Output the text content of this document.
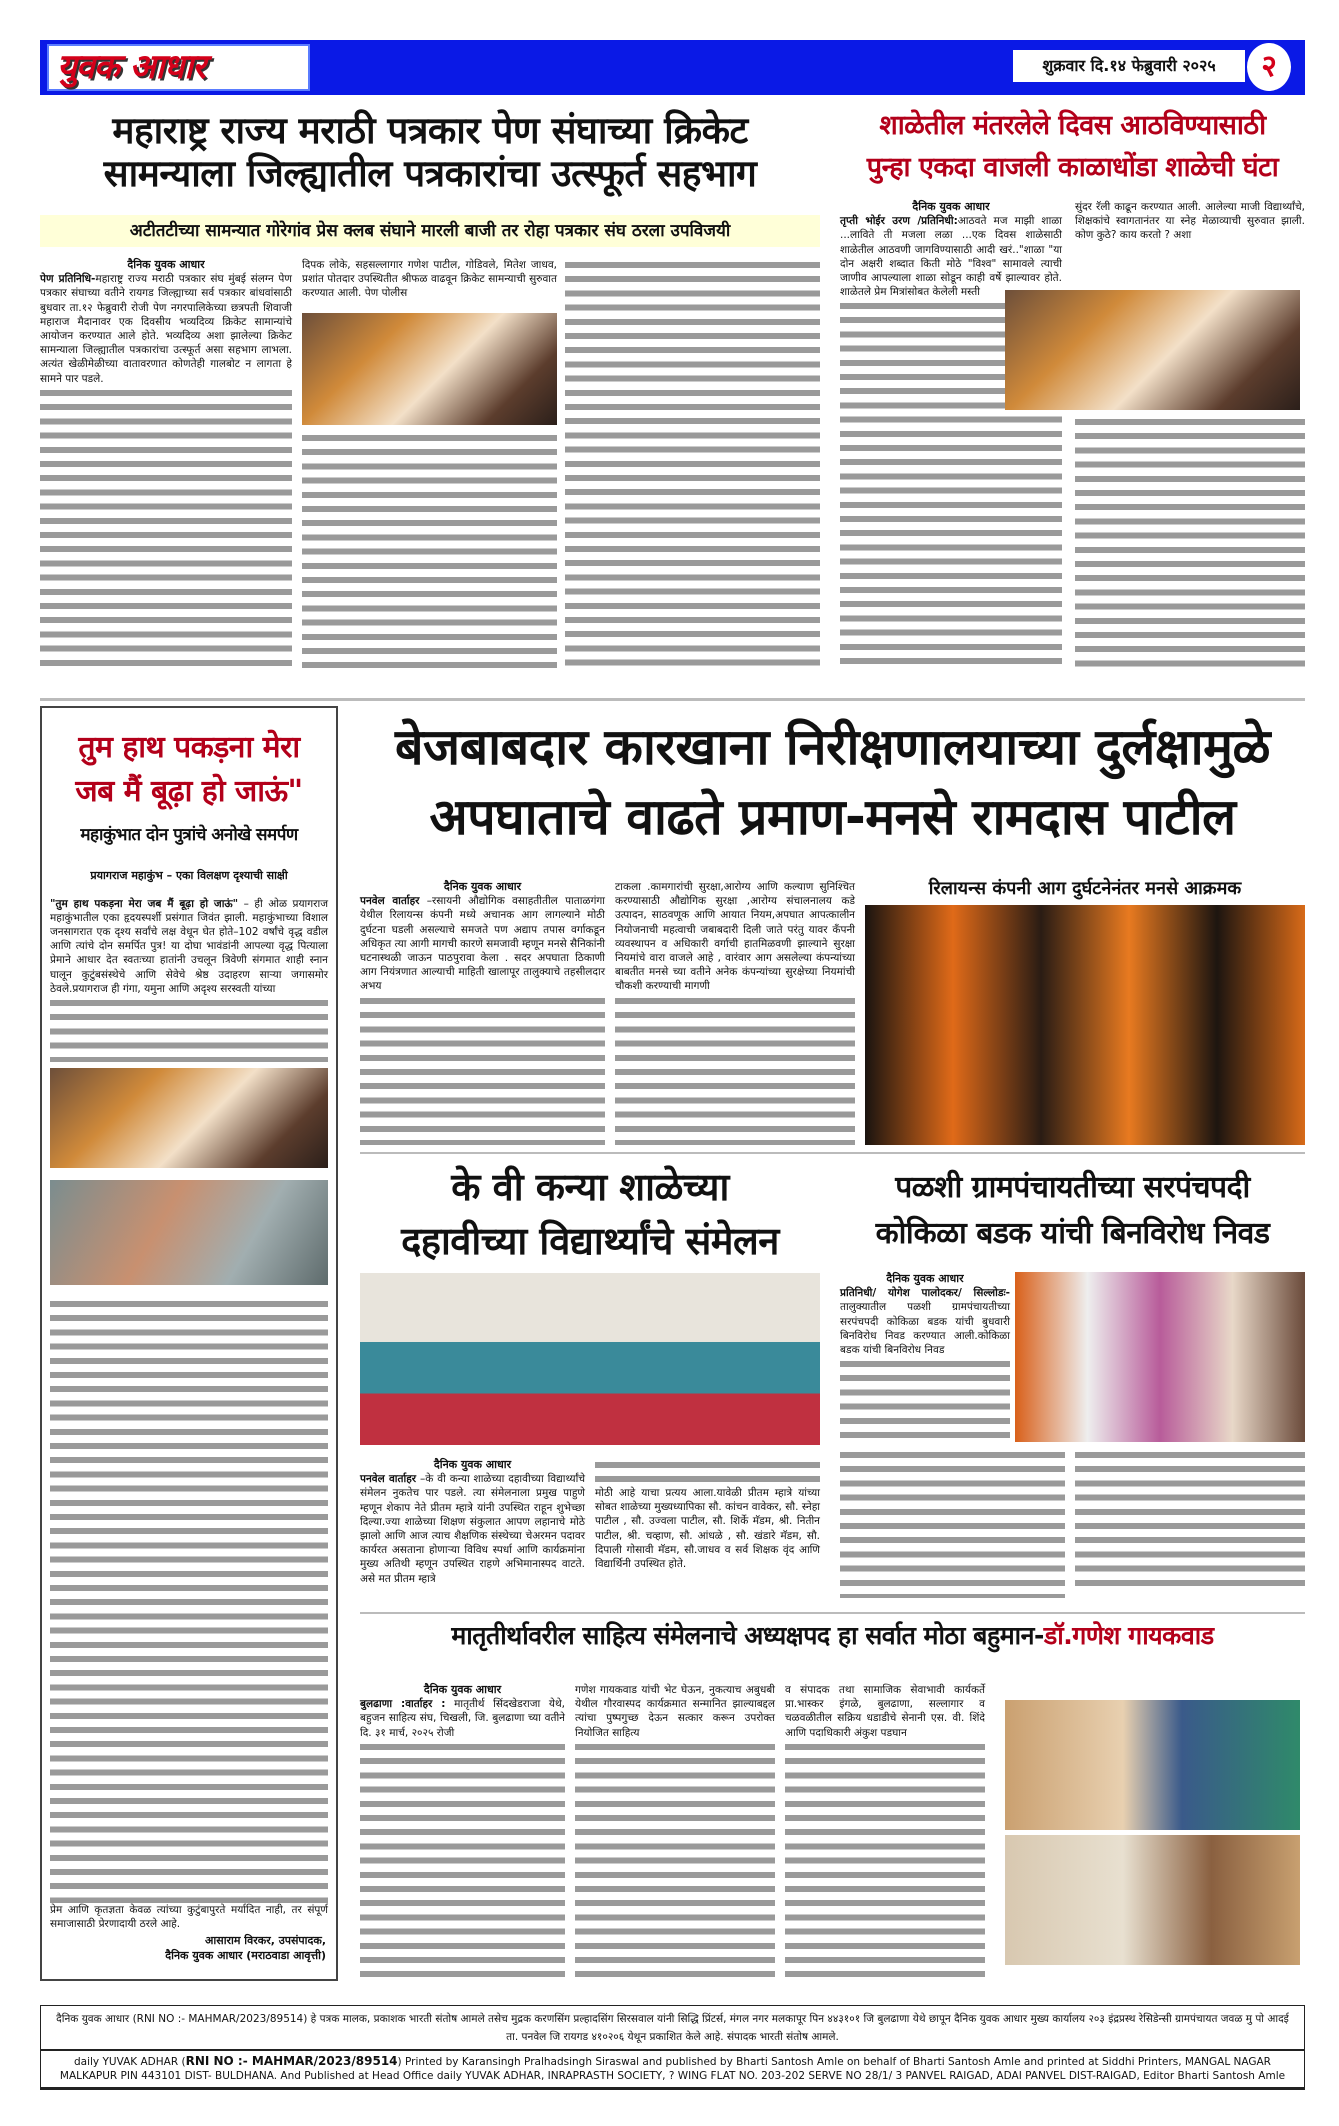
युवक आधार	शुक्रवार दि.१४ फेब्रुवारी २०२५	२
महाराष्ट्र राज्य मराठी पत्रकार पेण संघाच्या क्रिकेट
सामन्याला जिल्ह्यातील पत्रकारांचा उत्स्फूर्त सहभाग
अटीतटीच्या सामन्यात गोरेगांव प्रेस क्लब संघाने मारली बाजी तर रोहा पत्रकार संघ ठरला उपविजयी
दैनिक युवक आधार
पेण प्रतिनिधि-महाराष्ट्र राज्य मराठी पत्रकार संघ मुंबई संलग्न पेण पत्रकार संघाच्या वतीने रायगड जिल्ह्याच्या सर्व पत्रकार बांधवांसाठी बुधवार ता.१२ फेब्रुवारी रोजी पेण नगरपालिकेच्या छत्रपती शिवाजी महाराज मैदानावर एक दिवसीय भव्यदिव्य क्रिकेट सामान्यांचे आयोजन करण्यात आले होते. भव्यदिव्य अशा झालेल्या क्रिकेट सामन्याला जिल्ह्यातील पत्रकारांचा उत्स्फूर्त असा सहभाग लाभला. अत्यंत खेळीमेळीच्या वातावरणात कोणतेही गालबोट न लागता हे सामने पार पडले.
दिपक लोके, सहसल्लागार गणेश पाटील, गोडिवले, मितेश जाधव, प्रशांत पोतदार उपस्थितीत श्रीफळ वाढवून क्रिकेट सामन्याची सुरुवात करण्यात आली. पेण पोलीस
शाळेतील मंतरलेले दिवस आठविण्यासाठी
पुन्हा एकदा वाजली काळाधोंडा शाळेची घंटा
दैनिक युवक आधार
तृप्ती भोईर उरण /प्रतिनिधी:आठवते मज माझी शाळा ...लाविते ती मजला लळा ...एक दिवस शाळेसाठी शाळेतील आठवणी जागविण्यासाठी आदी खरं.."शाळा "या दोन अक्षरी शब्दात किती मोठे "विश्व" सामावले त्याची जाणीव आपल्याला शाळा सोडून काही वर्षे झाल्यावर होते. शाळेतले प्रेम मित्रांसोबत केलेली मस्ती
सुंदर रॅली काढून करण्यात आली. आलेल्या माजी विद्यार्थ्यांचे, शिक्षकांचे स्वागतानंतर या स्नेह मेळाव्याची सुरुवात झाली. कोण कुठे? काय करतो ? अशा
तुम हाथ पकड़ना मेरा
जब मैं बूढ़ा हो जाऊं"
महाकुंभात दोन पुत्रांचे अनोखे समर्पण
प्रयागराज महाकुंभ – एका विलक्षण दृश्याची साक्षी
"तुम हाथ पकड़ना मेरा जब मैं बूढ़ा हो जाऊं" – ही ओळ प्रयागराज महाकुंभातील एका हृदयस्पर्शी प्रसंगात जिवंत झाली. महाकुंभाच्या विशाल जनसागरात एक दृश्य सर्वांचे लक्ष वेधून घेत होते–102 वर्षांचे वृद्ध वडील आणि त्यांचे दोन समर्पित पुत्र! या दोघा भावंडांनी आपल्या वृद्ध पित्याला प्रेमाने आधार देत स्वतःच्या हातांनी उचलून त्रिवेणी संगमात शाही स्नान घालून कुटुंबसंस्थेचे आणि सेवेचे श्रेष्ठ उदाहरण साऱ्या जगासमोर ठेवले.प्रयागराज ही गंगा, यमुना आणि अदृश्य सरस्वती यांच्या
प्रेम आणि कृतज्ञता केवळ त्यांच्या कुटुंबापुरते मर्यादित नाही, तर संपूर्ण समाजासाठी प्रेरणादायी ठरले आहे.
आसाराम विरकर, उपसंपादक,
दैनिक युवक आधार (मराठवाडा आवृत्ती)
बेजबाबदार कारखाना निरीक्षणालयाच्या दुर्लक्षामुळे
अपघाताचे वाढते प्रमाण-मनसे रामदास पाटील
दैनिक युवक आधार
पनवेल वार्ताहर –रसायनी औद्योगिक वसाहतीतील पाताळगंगा येथील रिलायन्स कंपनी मध्ये अचानक आग लागल्याने मोठी दुर्घटना घडली असल्याचे समजते पण अद्याप तपास वर्गाकडून अधिकृत त्या आगी मागची कारणे समजावी म्हणून मनसे सैनिकांनी घटनास्थळी जाऊन पाठपुरावा केला . सदर अपघाता ठिकाणी आग नियंत्रणात आल्याची माहिती खालापूर तालुक्याचे तहसीलदार अभय
टाकला .कामगारांची सुरक्षा,आरोग्य आणि कल्याण सुनिश्चित करण्यासाठी औद्योगिक सुरक्षा ,आरोग्य संचालनालय कडे उत्पादन, साठवणूक आणि आयात नियम,अपघात आपत्कालीन नियोजनाची महत्वाची जबाबदारी दिली जाते परंतु यावर कँपनी व्यवस्थापन व अधिकारी वर्गाची हातमिळवणी झाल्याने सुरक्षा नियमांचे वारा वाजले आहे , वारंवार आग असलेल्या कंपन्यांच्या बाबतीत मनसे च्या वतीने अनेक कंपन्यांच्या सुरक्षेच्या नियमांची चौकशी करण्याची मागणी
रिलायन्स कंपनी आग दुर्घटनेनंतर मनसे आक्रमक
के वी कन्या शाळेच्या
दहावीच्या विद्यार्थ्यांचे संमेलन
दैनिक युवक आधार
पनवेल वार्ताहर –के वी कन्या शाळेच्या दहावीच्या विद्यार्थ्यांचे संमेलन नुकतेच पार पडले. त्या संमेलनाला प्रमुख पाहुणे म्हणून शेकाप नेते प्रीतम म्हात्रे यांनी उपस्थित राहून शुभेच्छा दिल्या.ज्या शाळेच्या शिक्षण संकुलात आपण लहानाचे मोठे झालो आणि आज त्याच शैक्षणिक संस्थेच्या चेअरमन पदावर कार्यरत असताना होणाऱ्या विविध स्पर्धा आणि कार्यक्रमांना मुख्य अतिथी म्हणून उपस्थित राहणे अभिमानास्पद वाटते. असे मत प्रीतम म्हात्रे
मोठी आहे याचा प्रत्यय आला.यावेळी प्रीतम म्हात्रे यांच्या सोबत शाळेच्या मुख्यध्यापिका सौ. कांचन वावेकर, सौ. स्नेहा पाटील , सौ. उज्वला पाटील, सौ. शिर्के मॅडम, श्री. नितीन पाटील, श्री. चव्हाण, सौ. आंधळे , सौ. खंडारे मॅडम, सौ. दिपाली गोसावी मॅडम, सौ.जाधव व सर्व शिक्षक वृंद आणि विद्यार्थिनी उपस्थित होते.
पळशी ग्रामपंचायतीच्या सरपंचपदी
कोकिळा बडक यांची बिनविरोध निवड
दैनिक युवक आधार
प्रतिनिधी/ योगेश पालोदकर/ सिल्लोडः- तालुक्यातील पळशी ग्रामपंचायतीच्या सरपंचपदी कोकिळा बडक यांची बुधवारी बिनविरोध निवड करण्यात आली.कोकिळा बडक यांची बिनविरोध निवड
मातृतीर्थावरील साहित्य संमेलनाचे अध्यक्षपद हा सर्वात मोठा बहुमान-डॉ.गणेश गायकवाड
दैनिक युवक आधार
बुलढाणा :वार्ताहर : मातृतीर्थ सिंदखेडराजा येथे, बहुजन साहित्य संघ, चिखली, जि. बुलढाणा च्या वतीने दि. ३१ मार्च, २०२५ रोजी
गणेश गायकवाड यांची भेट घेऊन, नुकत्याच अबुधबी येथील गौरवास्पद कार्यक्रमात सन्मानित झाल्याबद्दल त्यांचा पुष्पगुच्छ देऊन सत्कार करून उपरोक्त नियोजित साहित्य
व संपादक तथा सामाजिक सेवाभावी कार्यकर्ते प्रा.भास्कर इंगळे, बुलढाणा, सल्लागार व चळवळीतील सक्रिय धडाडीचे सेनानी एस. वी. शिंदे आणि पदाधिकारी अंकुश पडघान
दैनिक युवक आधार (RNI NO :- MAHMAR/2023/89514) हे पत्रक मालक, प्रकाशक भारती संतोष आमले तसेच मुद्रक करणसिंग प्रल्हादसिंग सिरसवाल यांनी सिद्धि प्रिंटर्स, मंगल नगर मलकापूर पिन ४४३१०१ जि बुलढाणा येथे छापून दैनिक युवक आधार मुख्य कार्यालय २०३ इंद्रप्रस्थ रेसिडेन्सी ग्रामपंचायत जवळ मु पो आदई ता. पनवेल जि रायगड ४१०२०६ येथून प्रकाशित केले आहे. संपादक भारती संतोष आमले.
daily YUVAK ADHAR (RNI NO :- MAHMAR/2023/89514) Printed by Karansingh Pralhadsingh Siraswal and published by Bharti Santosh Amle on behalf of Bharti Santosh Amle and printed at Siddhi Printers, MANGAL NAGAR MALKAPUR PIN 443101 DIST- BULDHANA. And Published at Head Office daily YUVAK ADHAR, INRAPRASTH SOCIETY, ? WING FLAT NO. 203-202 SERVE NO 28/1/ 3 PANVEL RAIGAD, ADAI PANVEL DIST-RAIGAD, Editor Bharti Santosh Amle
